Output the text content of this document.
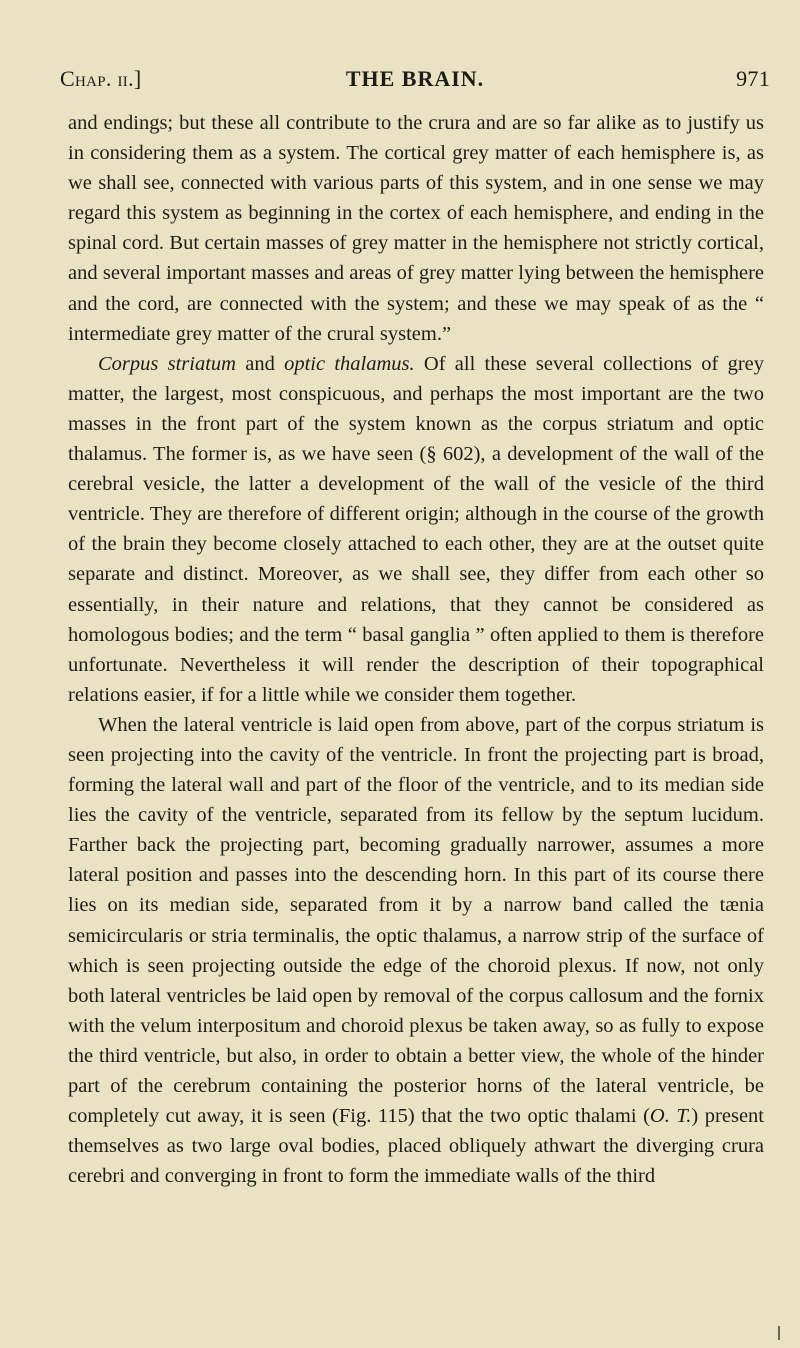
Chap. ii.]	THE BRAIN.	971

and endings; but these all contribute to the crura and are so far alike as to justify us in considering them as a system. The cortical grey matter of each hemisphere is, as we shall see, connected with various parts of this system, and in one sense we may regard this system as beginning in the cortex of each hemisphere, and ending in the spinal cord. But certain masses of grey matter in the hemisphere not strictly cortical, and several important masses and areas of grey matter lying between the hemisphere and the cord, are connected with the system; and these we may speak of as the “ intermediate grey matter of the crural system.”

Corpus striatum and optic thalamus. Of all these several collections of grey matter, the largest, most conspicuous, and perhaps the most important are the two masses in the front part of the system known as the corpus striatum and optic thalamus. The former is, as we have seen (§ 602), a development of the wall of the cerebral vesicle, the latter a development of the wall of the vesicle of the third ventricle. They are therefore of different origin; although in the course of the growth of the brain they become closely attached to each other, they are at the outset quite separate and distinct. Moreover, as we shall see, they differ from each other so essentially, in their nature and relations, that they cannot be considered as homologous bodies; and the term “ basal ganglia ” often applied to them is therefore unfortunate. Nevertheless it will render the description of their topographical relations easier, if for a little while we consider them together.

When the lateral ventricle is laid open from above, part of the corpus striatum is seen projecting into the cavity of the ventricle. In front the projecting part is broad, forming the lateral wall and part of the floor of the ventricle, and to its median side lies the cavity of the ventricle, separated from its fellow by the septum lucidum. Farther back the projecting part, becoming gradually narrower, assumes a more lateral position and passes into the descending horn. In this part of its course there lies on its median side, separated from it by a narrow band called the tænia semicircularis or stria terminalis, the optic thalamus, a narrow strip of the surface of which is seen projecting outside the edge of the choroid plexus. If now, not only both lateral ventricles be laid open by removal of the corpus callosum and the fornix with the velum interpositum and choroid plexus be taken away, so as fully to expose the third ventricle, but also, in order to obtain a better view, the whole of the hinder part of the cerebrum containing the posterior horns of the lateral ventricle, be completely cut away, it is seen (Fig. 115) that the two optic thalami (O. T.) present themselves as two large oval bodies, placed obliquely athwart the diverging crura cerebri and converging in front to form the immediate walls of the third
